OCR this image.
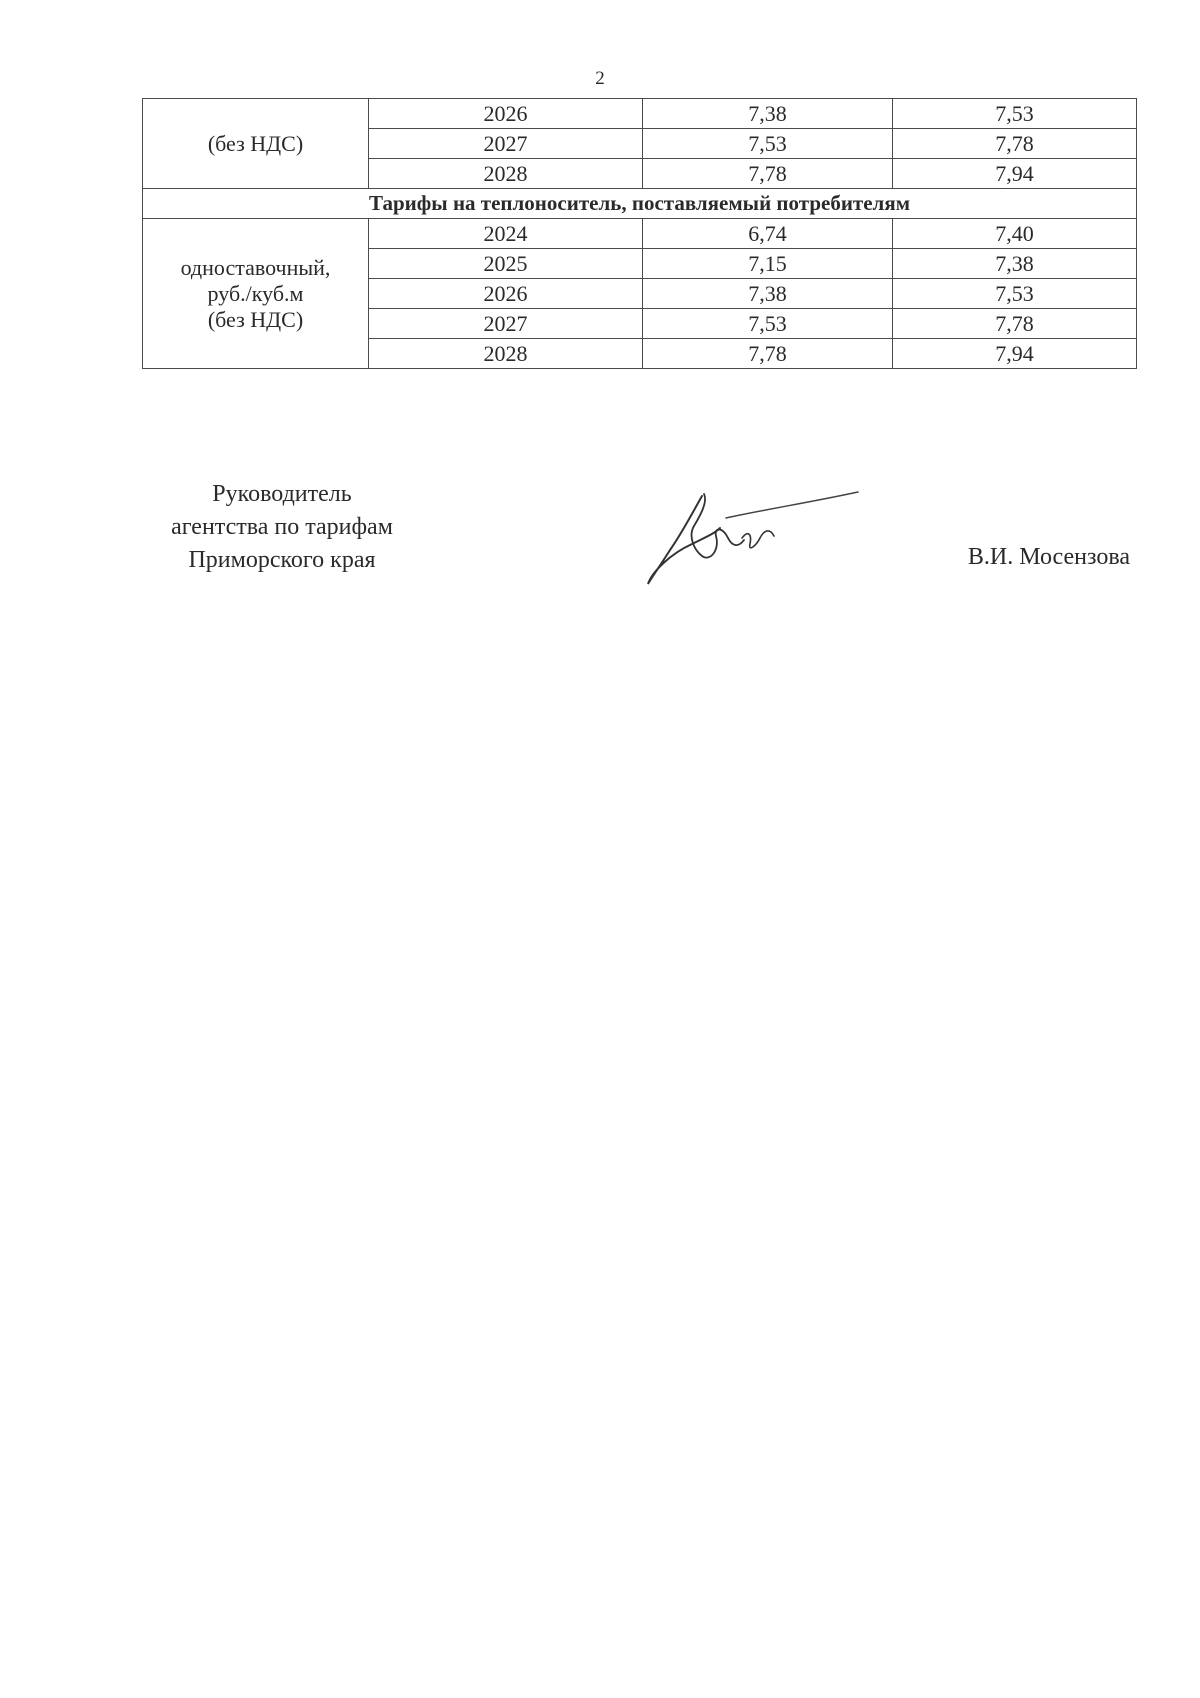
2
(без НДС)	2026	7,38	7,53
	2027	7,53	7,78
	2028	7,78	7,94
Тарифы на теплоноситель, поставляемый потребителям			

одноставочный,
руб./куб.м
(без НДС)	2024	6,74	7,40
	2025	7,15	7,38
	2026	7,38	7,53
	2027	7,53	7,78
	2028	7,78	7,94
Руководитель
агентства по тарифам
Приморского края	В.И. Мосензова
